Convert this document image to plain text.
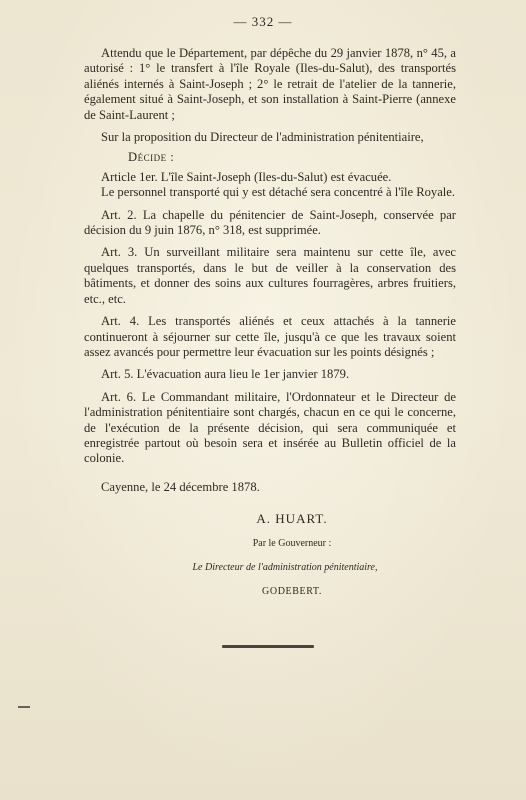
— 332 —

Attendu que le Département, par dépêche du 29 janvier 1878, n° 45, a autorisé : 1° le transfert à l'île Royale (Iles-du-Salut), des transportés aliénés internés à Saint-Joseph ; 2° le retrait de l'atelier de la tannerie, également situé à Saint-Joseph, et son installation à Saint-Pierre (annexe de Saint-Laurent ;

Sur la proposition du Directeur de l'administration pénitentiaire,

Décide :

Article 1er. L'île Saint-Joseph (Iles-du-Salut) est évacuée.

Le personnel transporté qui y est détaché sera concentré à l'île Royale.

Art. 2. La chapelle du pénitencier de Saint-Joseph, conservée par décision du 9 juin 1876, n° 318, est supprimée.

Art. 3. Un surveillant militaire sera maintenu sur cette île, avec quelques transportés, dans le but de veiller à la conservation des bâtiments, et donner des soins aux cultures fourragères, arbres fruitiers, etc., etc.

Art. 4. Les transportés aliénés et ceux attachés à la tannerie continueront à séjourner sur cette île, jusqu'à ce que les travaux soient assez avancés pour permettre leur évacuation sur les points désignés ;

Art. 5. L'évacuation aura lieu le 1er janvier 1879.

Art. 6. Le Commandant militaire, l'Ordonnateur et le Directeur de l'administration pénitentiaire sont chargés, chacun en ce qui le concerne, de l'exécution de la présente décision, qui sera communiquée et enregistrée partout où besoin sera et insérée au Bulletin officiel de la colonie.

Cayenne, le 24 décembre 1878.

A. HUART.

Par le Gouverneur :

Le Directeur de l'administration pénitentiaire,

GODEBERT.
